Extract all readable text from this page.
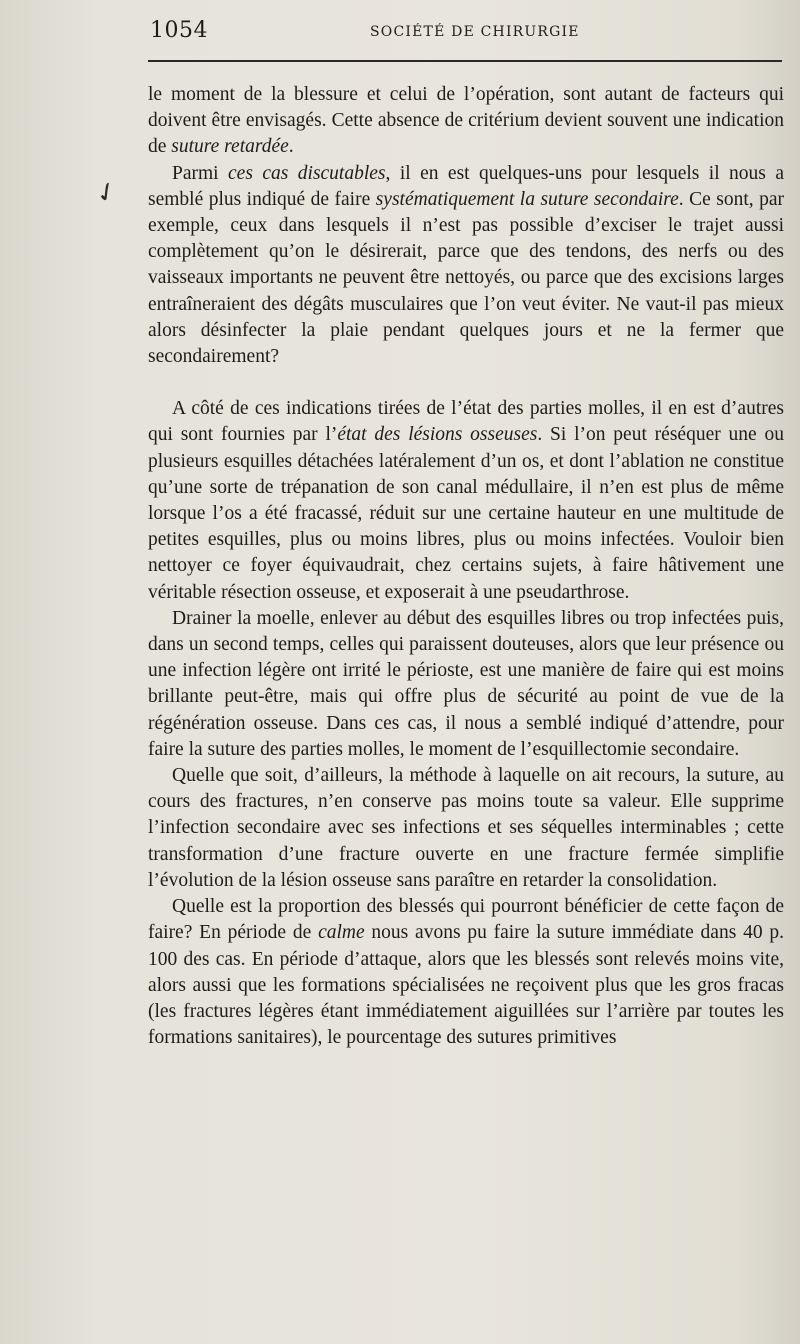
1054	SOCIÉTÉ DE CHIRURGIE
✓

le moment de la blessure et celui de l’opération, sont autant de facteurs qui doivent être envisagés. Cette absence de critérium devient souvent une indication de suture retardée.

Parmi ces cas discutables, il en est quelques-uns pour lesquels il nous a semblé plus indiqué de faire systématiquement la suture secondaire. Ce sont, par exemple, ceux dans lesquels il n’est pas possible d’exciser le trajet aussi complètement qu’on le désirerait, parce que des tendons, des nerfs ou des vaisseaux importants ne peuvent être nettoyés, ou parce que des excisions larges entraîneraient des dégâts musculaires que l’on veut éviter. Ne vaut-il pas mieux alors désinfecter la plaie pendant quelques jours et ne la fermer que secondairement?

A côté de ces indications tirées de l’état des parties molles, il en est d’autres qui sont fournies par l’état des lésions osseuses. Si l’on peut réséquer une ou plusieurs esquilles détachées latéralement d’un os, et dont l’ablation ne constitue qu’une sorte de trépanation de son canal médullaire, il n’en est plus de même lorsque l’os a été fracassé, réduit sur une certaine hauteur en une multitude de petites esquilles, plus ou moins libres, plus ou moins infectées. Vouloir bien nettoyer ce foyer équivaudrait, chez certains sujets, à faire hâtivement une véritable résection osseuse, et exposerait à une pseudarthrose.

Drainer la moelle, enlever au début des esquilles libres ou trop infectées puis, dans un second temps, celles qui paraissent douteuses, alors que leur présence ou une infection légère ont irrité le périoste, est une manière de faire qui est moins brillante peut-être, mais qui offre plus de sécurité au point de vue de la régénération osseuse. Dans ces cas, il nous a semblé indiqué d’attendre, pour faire la suture des parties molles, le moment de l’esquillectomie secondaire.

Quelle que soit, d’ailleurs, la méthode à laquelle on ait recours, la suture, au cours des fractures, n’en conserve pas moins toute sa valeur. Elle supprime l’infection secondaire avec ses infections et ses séquelles interminables ; cette transformation d’une fracture ouverte en une fracture fermée simplifie l’évolution de la lésion osseuse sans paraître en retarder la consolidation.

Quelle est la proportion des blessés qui pourront bénéficier de cette façon de faire? En période de calme nous avons pu faire la suture immédiate dans 40 p. 100 des cas. En période d’attaque, alors que les blessés sont relevés moins vite, alors aussi que les formations spécialisées ne reçoivent plus que les gros fracas (les fractures légères étant immédiatement aiguillées sur l’arrière par toutes les formations sanitaires), le pourcentage des sutures primitives
